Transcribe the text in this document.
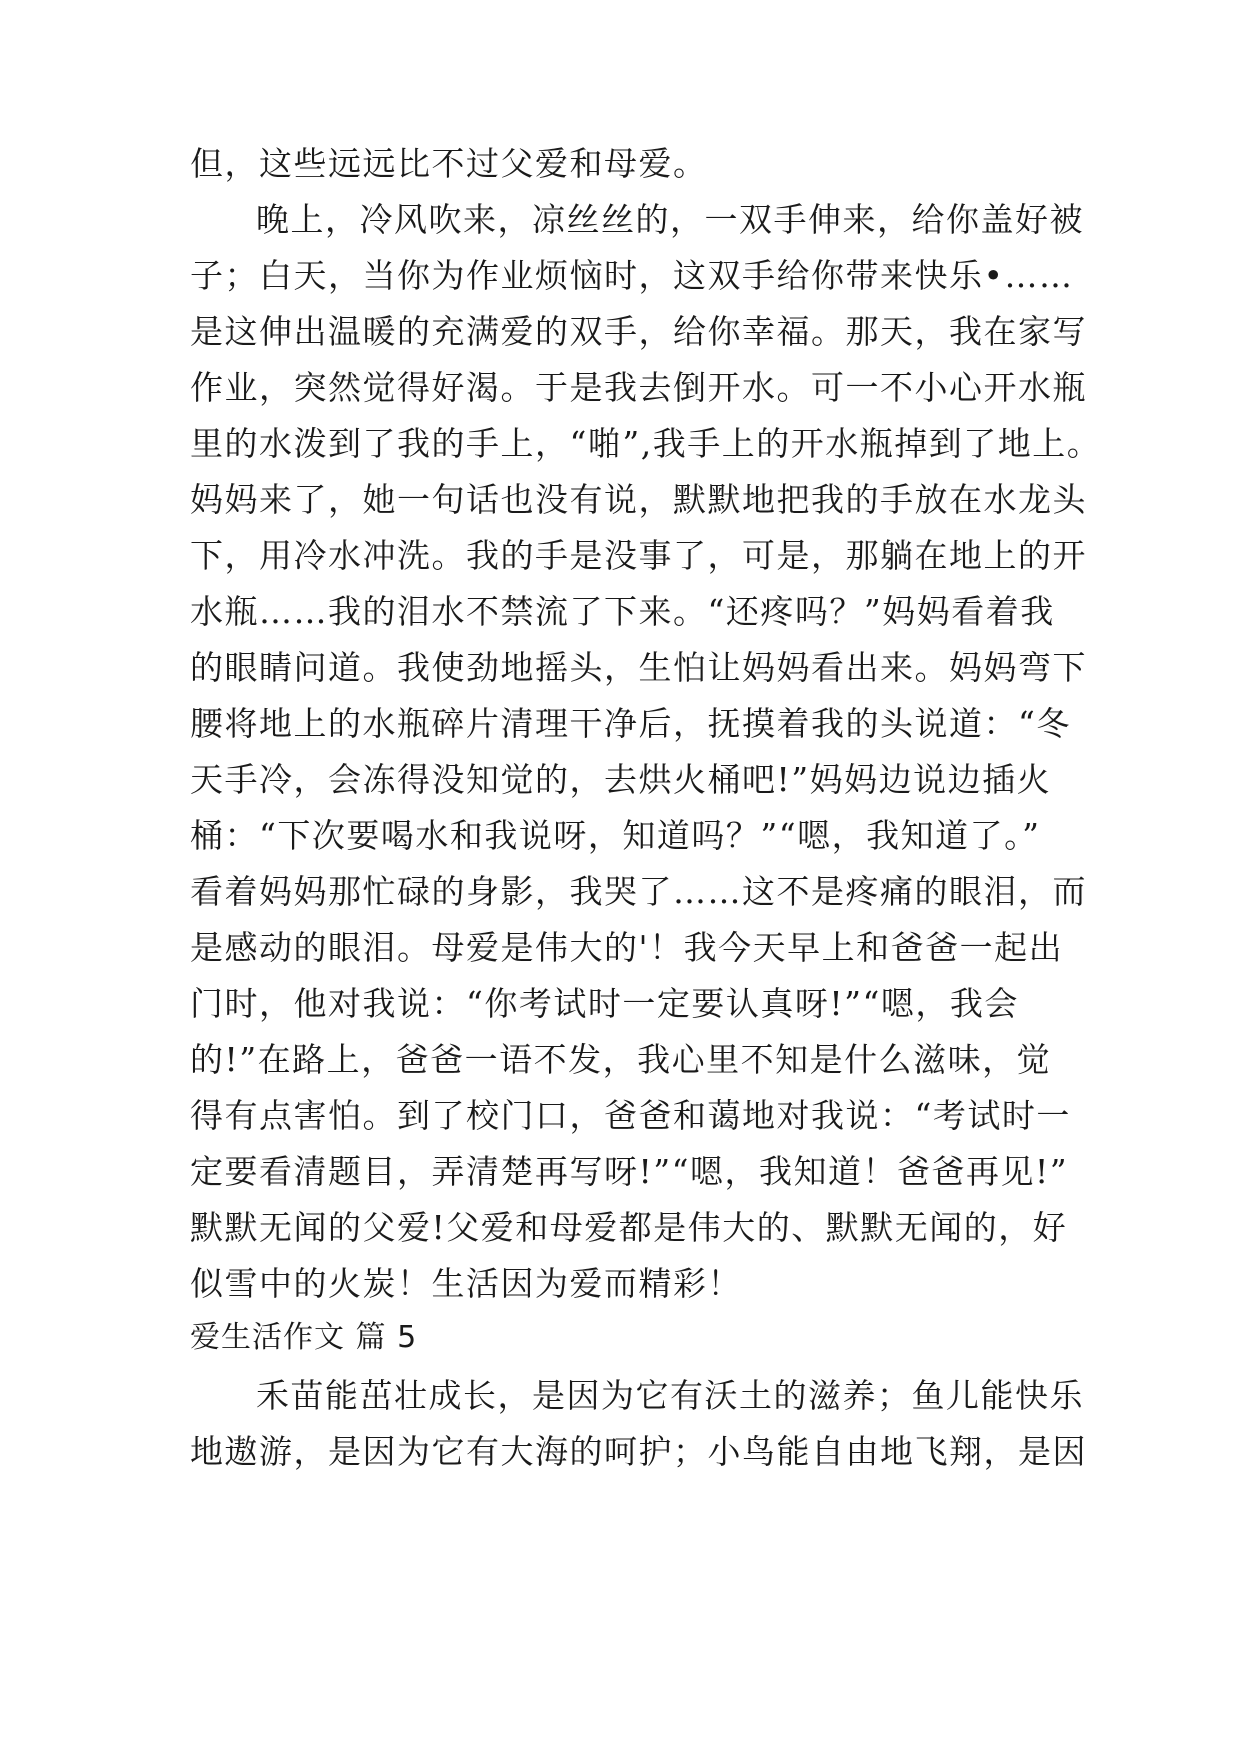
但，这些远远比不过父爱和母爱。
晚上，冷风吹来，凉丝丝的，一双手伸来，给你盖好被
子；白天，当你为作业烦恼时，这双手给你带来快乐•……
是这伸出温暖的充满爱的双手，给你幸福。那天，我在家写
作业，突然觉得好渴。于是我去倒开水。可一不小心开水瓶
里的水泼到了我的手上，“啪”,我手上的开水瓶掉到了地上。
妈妈来了，她一句话也没有说，默默地把我的手放在水龙头
下，用冷水冲洗。我的手是没事了，可是，那躺在地上的开
水瓶……我的泪水不禁流了下来。“还疼吗？”妈妈看着我
的眼睛问道。我使劲地摇头，生怕让妈妈看出来。妈妈弯下
腰将地上的水瓶碎片清理干净后，抚摸着我的头说道：“冬
天手冷，会冻得没知觉的，去烘火桶吧!”妈妈边说边插火
桶：“下次要喝水和我说呀，知道吗？”“嗯，我知道了。”
看着妈妈那忙碌的身影，我哭了……这不是疼痛的眼泪，而
是感动的眼泪。母爱是伟大的'！我今天早上和爸爸一起出
门时，他对我说：“你考试时一定要认真呀!”“嗯，我会
的!”在路上，爸爸一语不发，我心里不知是什么滋味，觉
得有点害怕。到了校门口，爸爸和蔼地对我说：“考试时一
定要看清题目，弄清楚再写呀!”“嗯，我知道！爸爸再见!”
默默无闻的父爱!父爱和母爱都是伟大的、默默无闻的，好
似雪中的火炭！生活因为爱而精彩！
爱生活作文 篇 5
禾苗能茁壮成长，是因为它有沃土的滋养；鱼儿能快乐
地遨游，是因为它有大海的呵护；小鸟能自由地飞翔，是因
